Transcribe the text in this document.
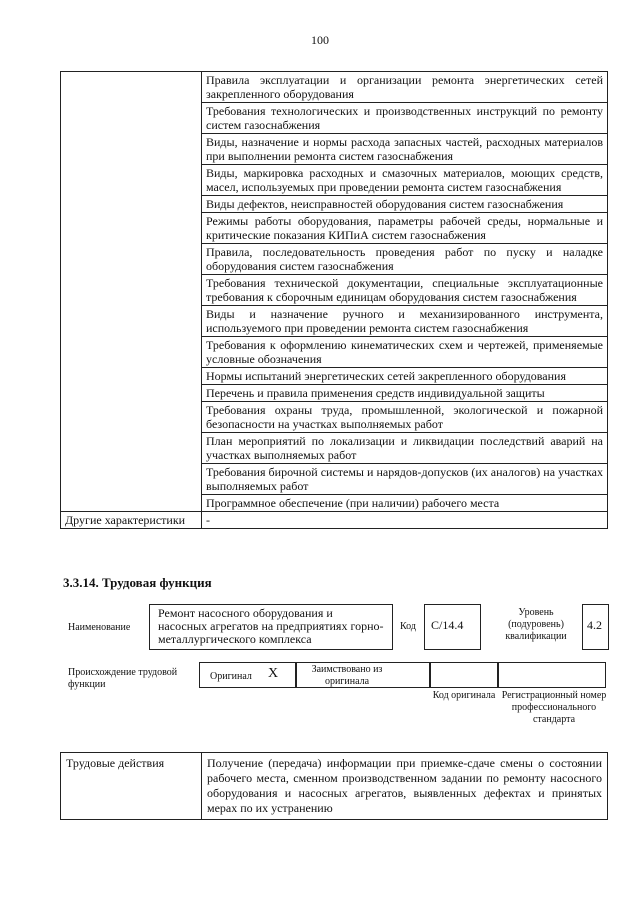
100
	Правила эксплуатации и организации ремонта энергетических сетей закрепленного оборудования
	Требования технологических и производственных инструкций по ремонту систем газоснабжения
	Виды, назначение и нормы расхода запасных частей, расходных материалов при выполнении ремонта систем газоснабжения
	Виды, маркировка расходных и смазочных материалов, моющих средств, масел, используемых при проведении ремонта систем газоснабжения
	Виды дефектов, неисправностей оборудования систем газоснабжения
	Режимы работы оборудования, параметры рабочей среды, нормальные и критические показания КИПиА систем газоснабжения
	Правила, последовательность проведения работ по пуску и наладке оборудования систем газоснабжения
	Требования технической документации, специальные эксплуатационные требования к сборочным единицам оборудования систем газоснабжения
	Виды и назначение ручного и механизированного инструмента, используемого при проведении ремонта систем газоснабжения
	Требования к оформлению кинематических схем и чертежей, применяемые условные обозначения
	Нормы испытаний энергетических сетей закрепленного оборудования
	Перечень и правила применения средств индивидуальной защиты
	Требования охраны труда, промышленной, экологической и пожарной безопасности на участках выполняемых работ
	План мероприятий по локализации и ликвидации последствий аварий на участках выполняемых работ
	Требования бирочной системы и нарядов-допусков (их аналогов) на участках выполняемых работ
	Программное обеспечение (при наличии) рабочего места
Другие характеристики	-
3.3.14. Трудовая функция
Наименование
Ремонт насосного оборудования и насосных агрегатов на предприятиях горно-металлургического комплекса
Код	С/14.4
Уровень (подуровень) квалификации
4.2
Происхождение трудовой функции
Оригинал X	Заимствовано из оригинала
Код оригинала Регистрационный номер профессионального стандарта
Трудовые действия	Получение (передача) информации при приемке-сдаче смены о состоянии рабочего места, сменном производственном задании по ремонту насосного оборудования и насосных агрегатов, выявленных дефектах и принятых мерах по их устранению
